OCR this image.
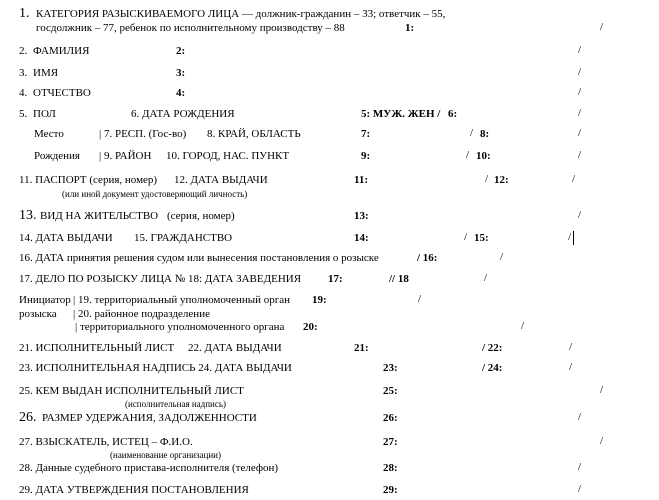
1. КАТЕГОРИЯ РАЗЫСКИВАЕМОГО ЛИЦА — должник-гражданин – 33; ответчик – 55,
госдолжник – 77, ребенок по исполнительному производству – 88	1:	/
2. ФАМИЛИЯ	2:	/
3. ИМЯ	3:	/
4. ОТЧЕСТВО	4:	/
5. ПОЛ	6. ДАТА РОЖДЕНИЯ	5: МУЖ. ЖЕН / 6:	/
Место	| 7. РЕСП. (Гос-во) 8. КРАЙ, ОБЛАСТЬ	7:	/ 8:	/
Рождения | 9. РАЙОН 10. ГОРОД, НАС. ПУНКТ	9:	/ 10:	/
11. ПАСПОРТ (серия, номер) 12. ДАТА ВЫДАЧИ
(или иной документ удостоверяющий личность)
11:	/ 12:	/
13. ВИД НА ЖИТЕЛЬСТВО (серия, номер)	13:	/
14. ДАТА ВЫДАЧИ 15. ГРАЖДАНСТВО	14:	/ 15:	/
16. ДАТА принятия решения судом или вынесения постановления о розыске	/ 16:	/
17. ДЕЛО ПО РОЗЫСКУ ЛИЦА № 18: ДАТА ЗАВЕДЕНИЯ 17:	// 18	/
Инициатор
розыска
| 19. территориальный уполномоченный орган 19:	/
| 20. районное подразделение
| территориального уполномоченного органа 20:	/
21. ИСПОЛНИТЕЛЬНЫЙ ЛИСТ 22. ДАТА ВЫДАЧИ	21:	/ 22:	/
23. ИСПОЛНИТЕЛЬНАЯ НАДПИСЬ 24. ДАТА ВЫДАЧИ	23:	/ 24:	/
25. КЕМ ВЫДАН ИСПОЛНИТЕЛЬНЫЙ ЛИСТ
(исполнительная надпись)
25:	/
26. РАЗМЕР УДЕРЖАНИЯ, ЗАДОЛЖЕННОСТИ	26:	/
27. ВЗЫСКАТЕЛЬ, ИСТЕЦ – Ф.И.О.
(наименование организации)
27:	/
28. Данные судебного пристава-исполнителя (телефон)	28:	/
29. ДАТА УТВЕРЖДЕНИЯ ПОСТАНОВЛЕНИЯ	29:	/
